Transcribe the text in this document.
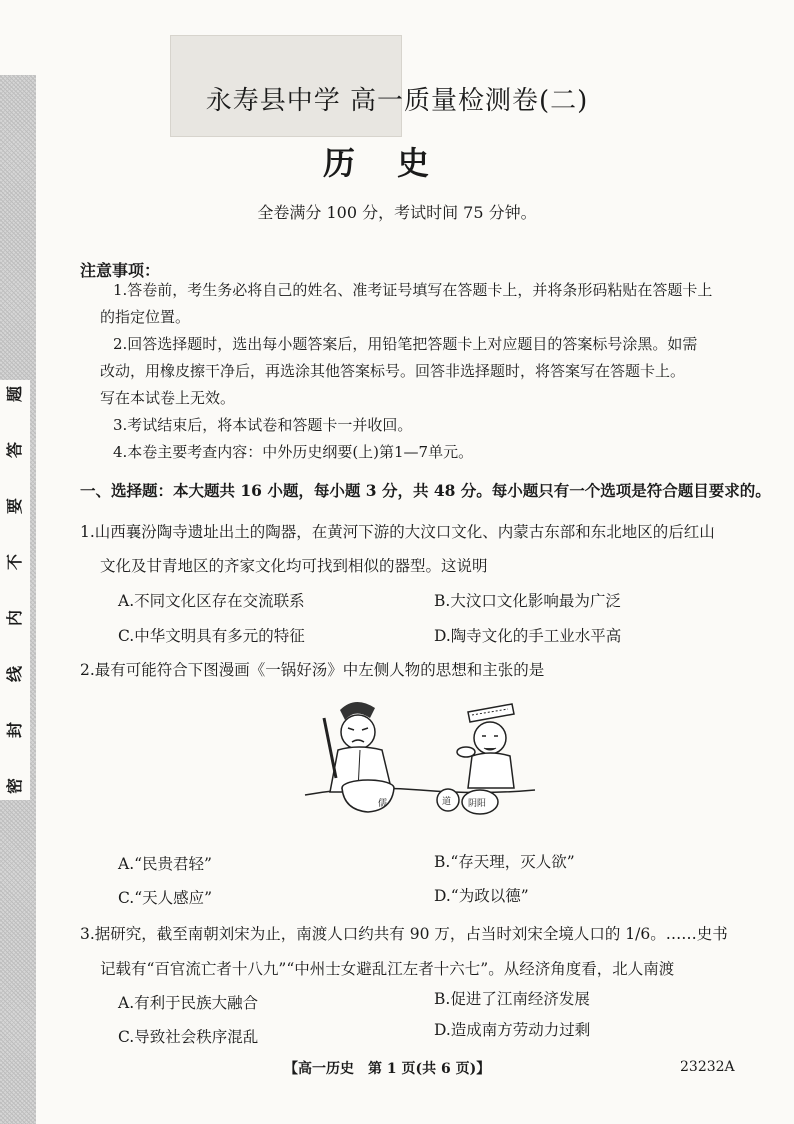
题
答
要
不
内
线
封
密
永寿县中学 高一质量检测卷(二)
历史
全卷满分 100 分，考试时间 75 分钟。
注意事项：
1.答卷前，考生务必将自己的姓名、准考证号填写在答题卡上，并将条形码粘贴在答题卡上
的指定位置。
2.回答选择题时，选出每小题答案后，用铅笔把答题卡上对应题目的答案标号涂黑。如需
改动，用橡皮擦干净后，再选涂其他答案标号。回答非选择题时，将答案写在答题卡上。
写在本试卷上无效。
3.考试结束后，将本试卷和答题卡一并收回。
4.本卷主要考查内容：中外历史纲要(上)第1—7单元。
一、选择题：本大题共 16 小题，每小题 3 分，共 48 分。每小题只有一个选项是符合题目要求的。
1.山西襄汾陶寺遗址出土的陶器，在黄河下游的大汶口文化、内蒙古东部和东北地区的后红山
文化及甘青地区的齐家文化均可找到相似的器型。这说明
A.不同文化区存在交流联系	B.大汶口文化影响最为广泛
C.中华文明具有多元的特征	D.陶寺文化的手工业水平高
2.最有可能符合下图漫画《一锅好汤》中左侧人物的思想和主张的是
儒	道 阴阳
A.“民贵君轻”	B.“存天理，灭人欲”
C.“天人感应”	D.“为政以德”
3.据研究，截至南朝刘宋为止，南渡人口约共有 90 万，占当时刘宋全境人口的 1/6。……史书
记载有“百官流亡者十八九”“中州士女避乱江左者十六七”。从经济角度看，北人南渡
A.有利于民族大融合	B.促进了江南经济发展
C.导致社会秩序混乱	D.造成南方劳动力过剩
【高一历史　第 1 页(共 6 页)】	23232A
